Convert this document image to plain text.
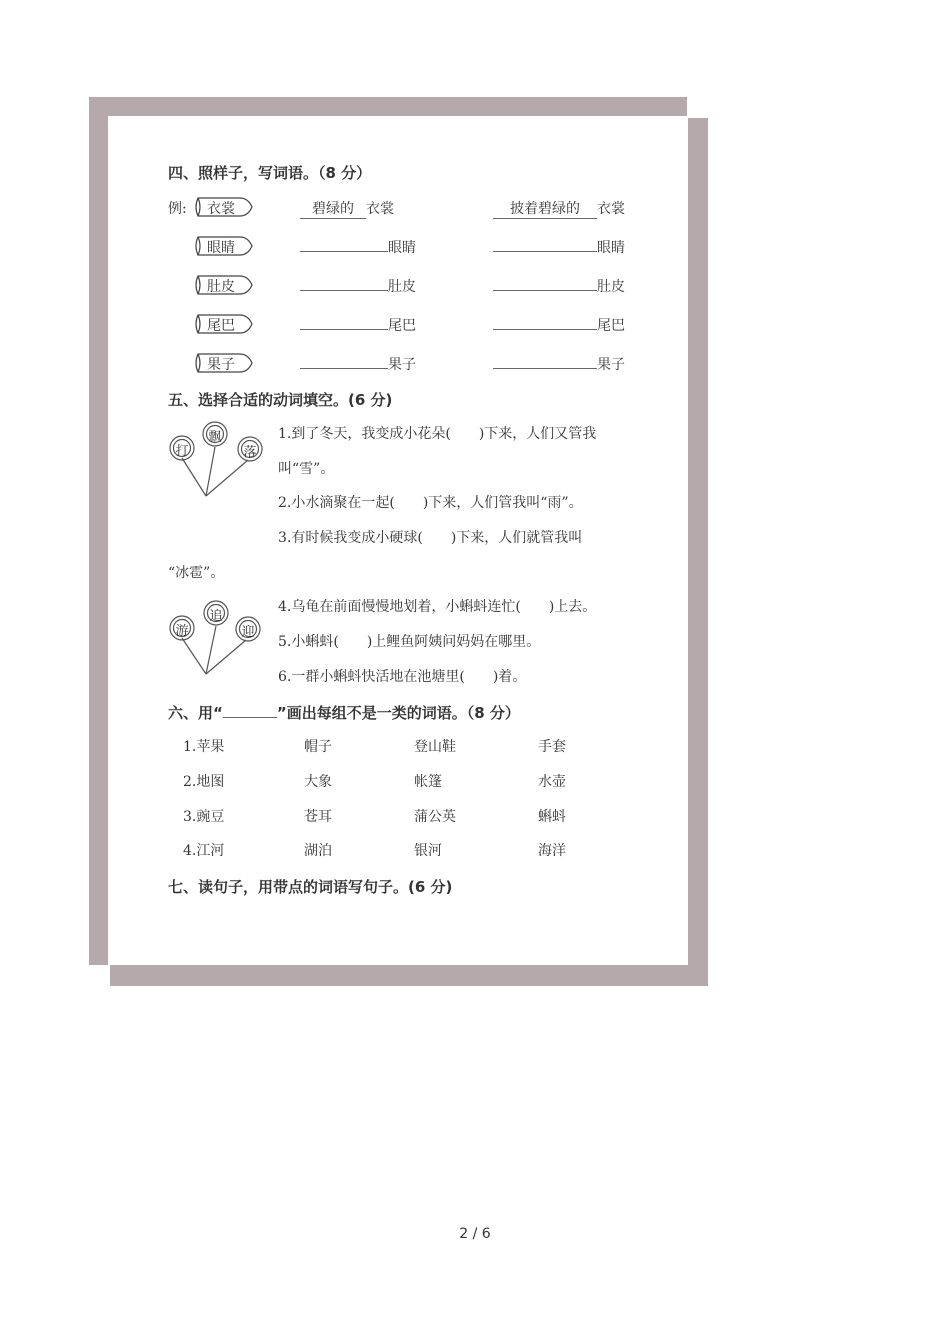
四、照样子，写词语。（8 分）
例:	衣裳	碧绿的 衣裳	披着碧绿的 衣裳
眼睛	眼睛	眼睛
肚皮	肚皮	肚皮
尾巴	尾巴	尾巴
果子	果子	果子
五、选择合适的动词填空。(6 分)
打
飘
落
1.到了冬天，我变成小花朵(　　)下来，人们又管我
叫“雪”。
2.小水滴聚在一起(　　)下来，人们管我叫“雨”。
3.有时候我变成小硬球(　　)下来，人们就管我叫
“冰雹”。
游
追
迎
4.乌龟在前面慢慢地划着，小蝌蚪连忙(　　)上去。
5.小蝌蚪(　　)上鲤鱼阿姨问妈妈在哪里。
6.一群小蝌蚪快活地在池塘里(　　)着。
六、用“	”画出每组不是一类的词语。（8 分）
1.苹果	帽子	登山鞋	手套
2.地图	大象	帐篷	水壶
3.豌豆	苍耳	蒲公英	蝌蚪
4.江河	湖泊	银河	海洋
七、读句子，用带点的词语写句子。(6 分)
2 / 6
